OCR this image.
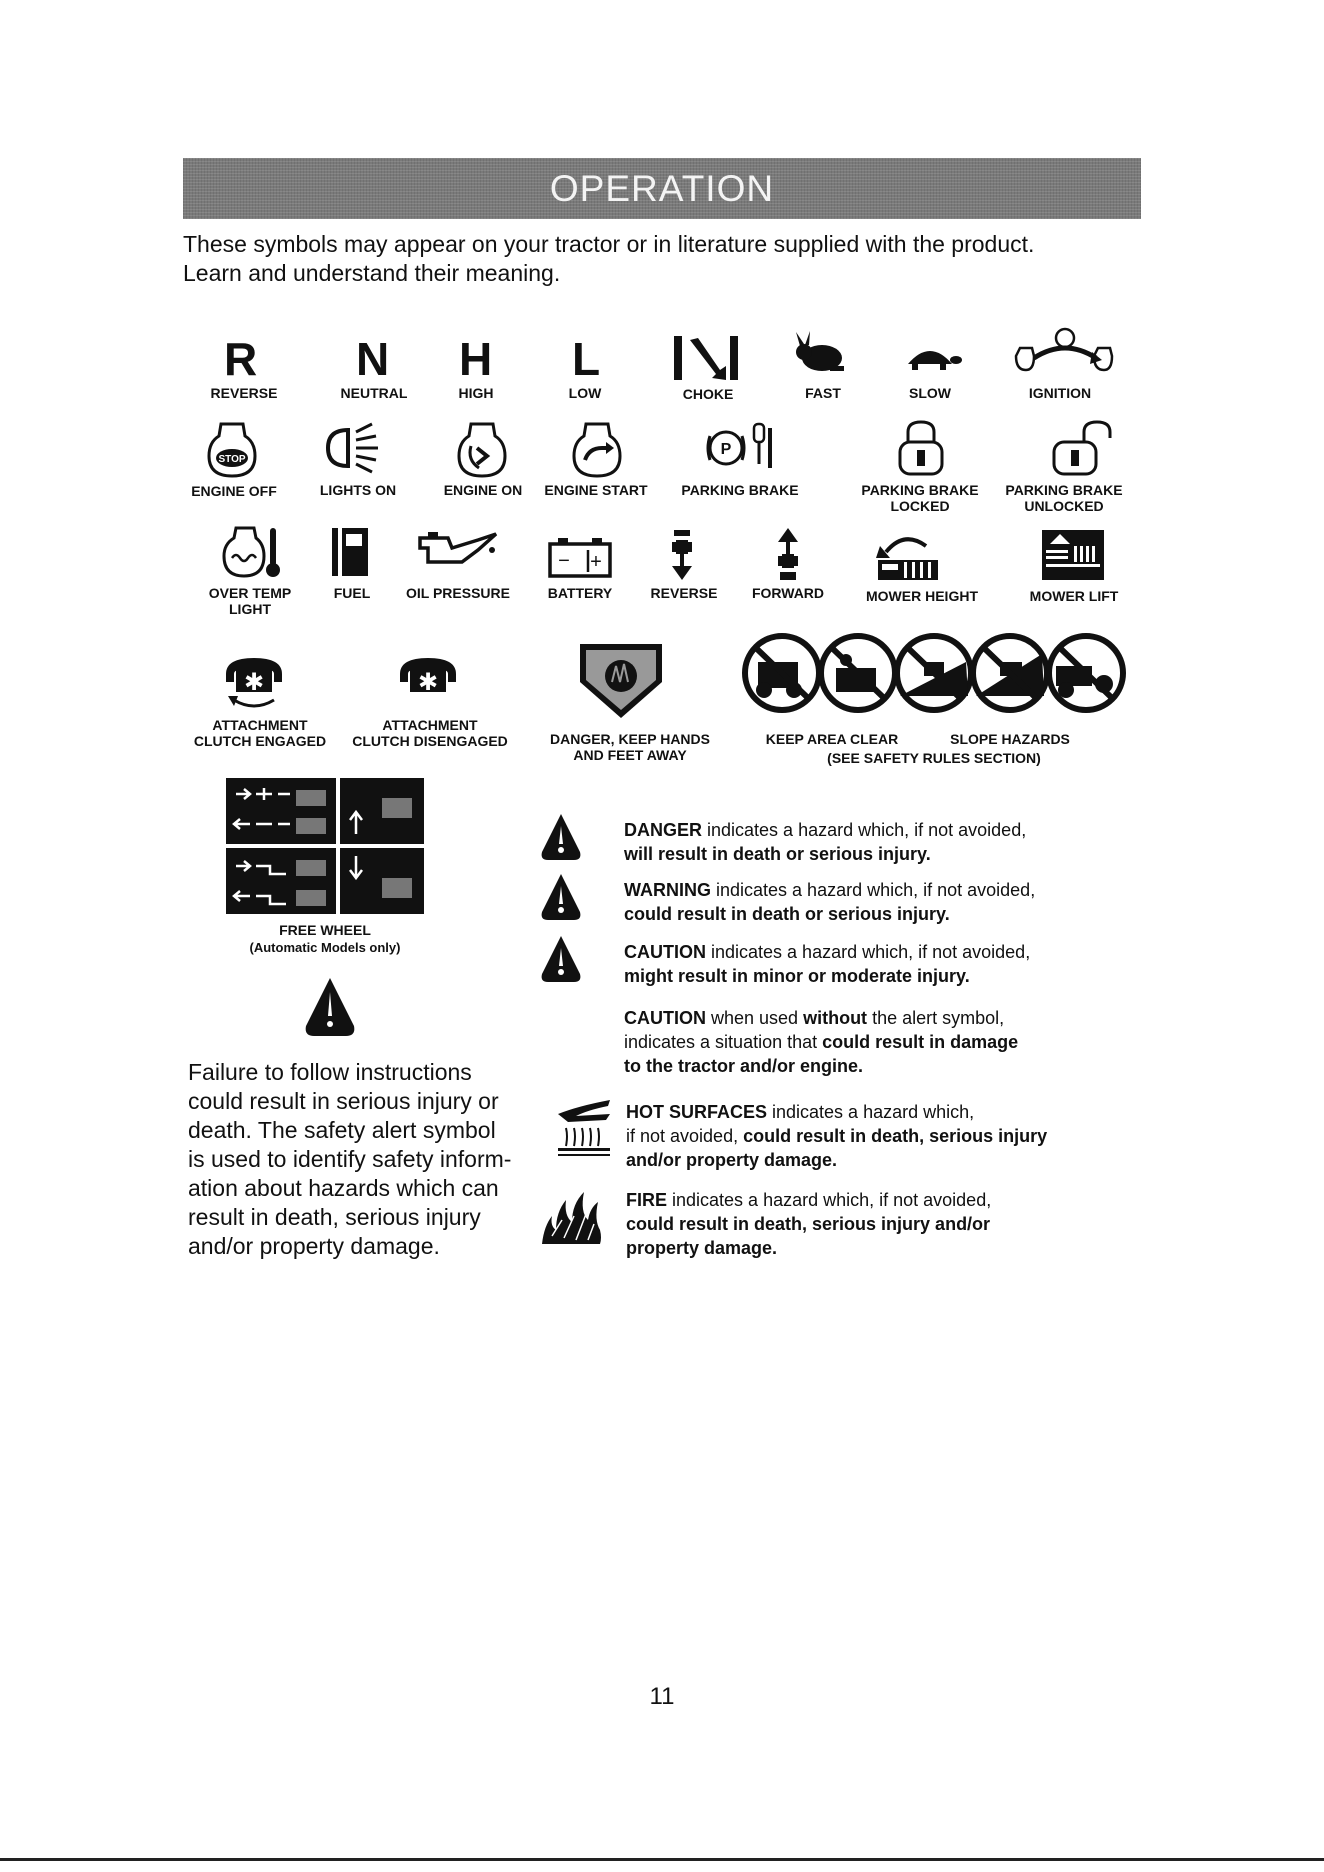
OPERATION
These symbols may appear on your tractor or in literature supplied with the product.
Learn and understand their meaning.
R
REVERSE
N
NEUTRAL
H
HIGH
L
LOW	CHOKE	FAST	SLOW	IGNITION
STOP
ENGINE OFF	LIGHTS ON	ENGINE ON ENGINE START
P
PARKING BRAKE	PARKING BRAKE
LOCKED
PARKING BRAKE
UNLOCKED
OVER TEMP
LIGHT
FUEL	OIL PRESSURE
− +
BATTERY	REVERSE FORWARD	MOWER HEIGHT	MOWER LIFT
✱
ATTACHMENT
CLUTCH ENGAGED
✱
ATTACHMENT
CLUTCH DISENGAGED	DANGER, KEEP HANDS
AND FEET AWAY
KEEP AREA CLEAR	SLOPE HAZARDS
(SEE SAFETY RULES SECTION)
FREE WHEEL
(Automatic Models only)
Failure to follow instructions
could result in serious injury or
death. The safety alert symbol
is used to identify safety inform-
ation about hazards which can
result in death, serious injury
and/or property damage.
DANGER indicates a hazard which, if not avoided,
will result in death or serious injury.
WARNING indicates a hazard which, if not avoided,
could result in death or serious injury.
CAUTION indicates a hazard which, if not avoided,
might result in minor or moderate injury.
CAUTION when used without the alert symbol,
indicates a situation that could result in damage
to the tractor and/or engine.
HOT SURFACES indicates a hazard which,
if not avoided, could result in death, serious injury
and/or property damage.
FIRE indicates a hazard which, if not avoided,
could result in death, serious injury and/or
property damage.
11
